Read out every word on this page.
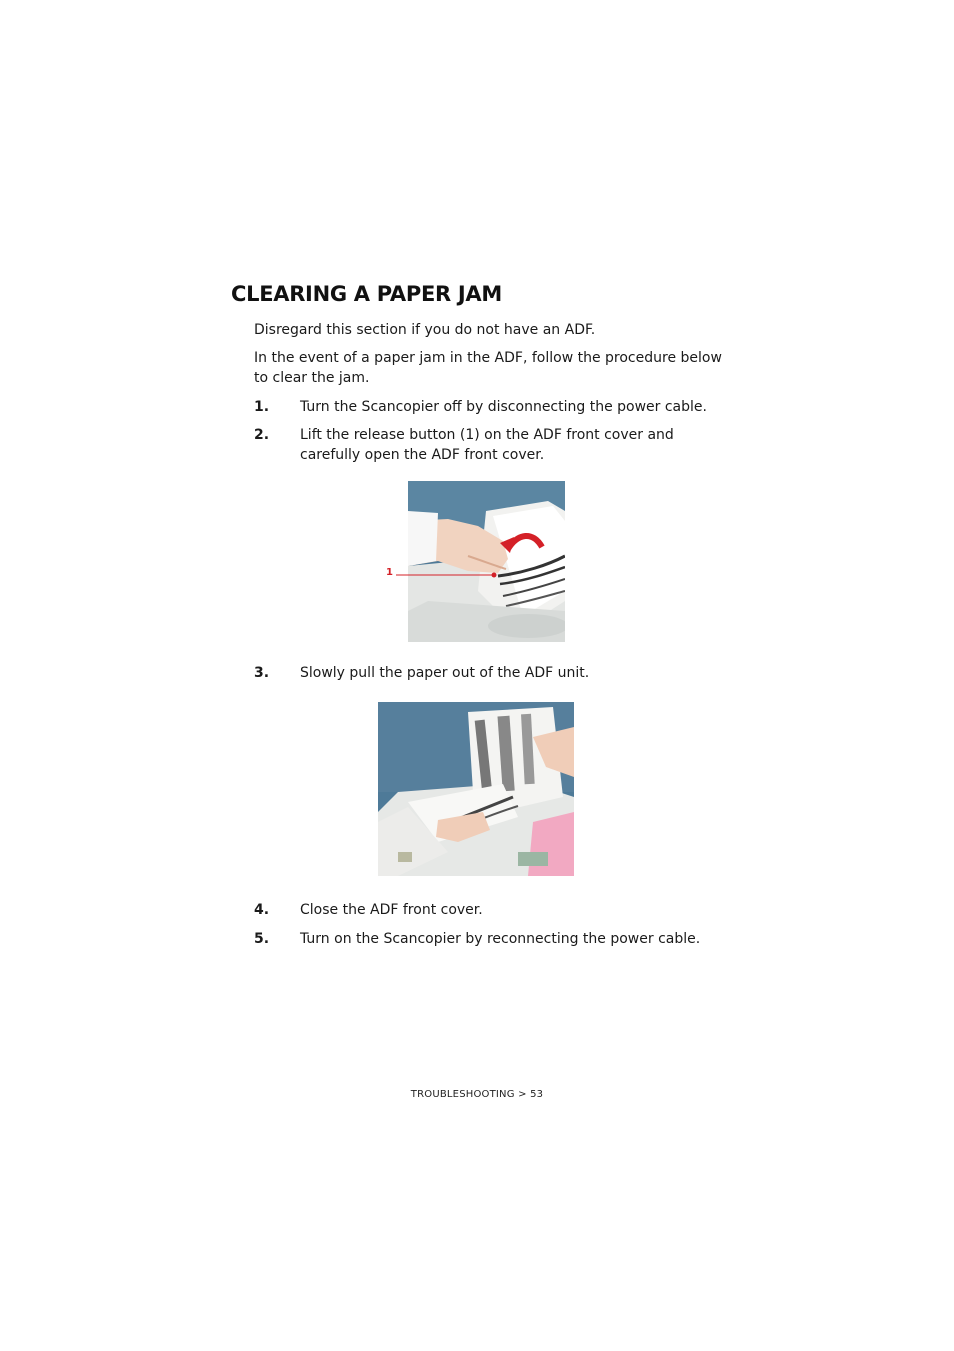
CLEARING A PAPER JAM

Disregard this section if you do not have an ADF.

In the event of a paper jam in the ADF, follow the procedure below to clear the jam.

1. Turn the Scancopier off by disconnecting the power cable.
2. Lift the release button (1) on the ADF front cover and carefully open the ADF front cover.
1
3. Slowly pull the paper out of the ADF unit.
4. Close the ADF front cover.
5. Turn on the Scancopier by reconnecting the power cable.
TROUBLESHOOTING > 53
